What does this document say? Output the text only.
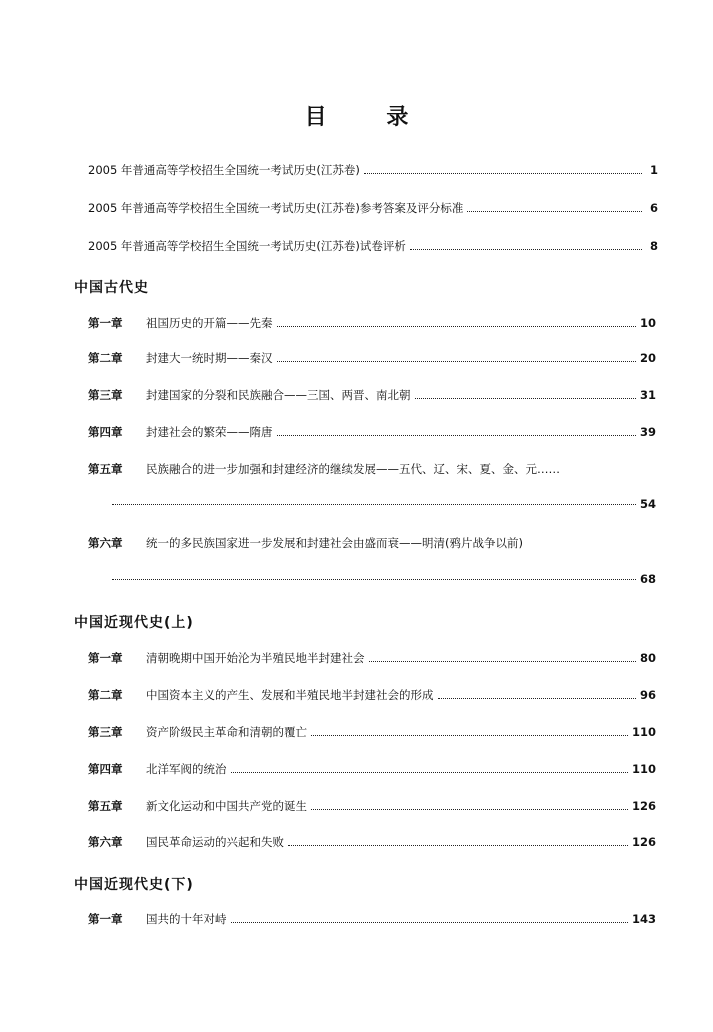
目 录
2005 年普通高等学校招生全国统一考试历史(江苏卷)	1
2005 年普通高等学校招生全国统一考试历史(江苏卷)参考答案及评分标准	6
2005 年普通高等学校招生全国统一考试历史(江苏卷)试卷评析	8
中国古代史
第一章	祖国历史的开篇——先秦	10
第二章	封建大一统时期——秦汉	20
第三章	封建国家的分裂和民族融合——三国、两晋、南北朝	31
第四章	封建社会的繁荣——隋唐	39
第五章	民族融合的进一步加强和封建经济的继续发展——五代、辽、宋、夏、金、元……
54
第六章	统一的多民族国家进一步发展和封建社会由盛而衰——明清(鸦片战争以前)
68
中国近现代史(上)
第一章	清朝晚期中国开始沦为半殖民地半封建社会	80
第二章	中国资本主义的产生、发展和半殖民地半封建社会的形成	96
第三章	资产阶级民主革命和清朝的覆亡	110
第四章	北洋军阀的统治	110
第五章	新文化运动和中国共产党的诞生	126
第六章	国民革命运动的兴起和失败	126
中国近现代史(下)
第一章	国共的十年对峙	143
